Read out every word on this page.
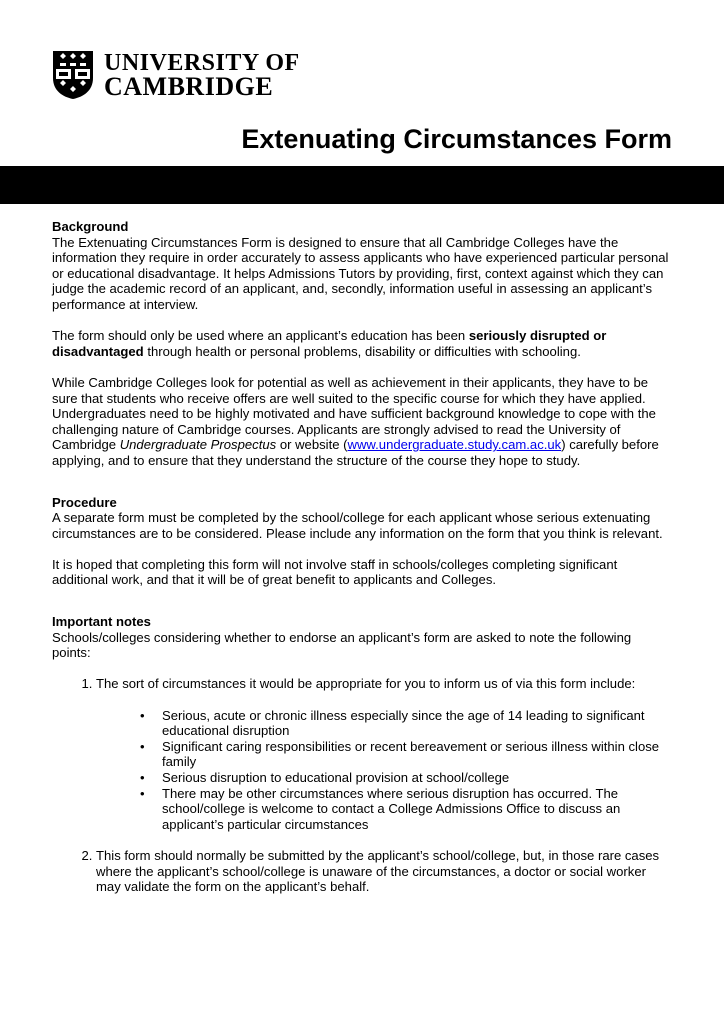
UNIVERSITY OF
CAMBRIDGE
Extenuating Circumstances Form
Background

The Extenuating Circumstances Form is designed to ensure that all Cambridge Colleges have the information they require in order accurately to assess applicants who have experienced particular personal or educational disadvantage. It helps Admissions Tutors by providing, first, context against which they can judge the academic record of an applicant, and, secondly, information useful in assessing an applicant’s performance at interview.

The form should only be used where an applicant’s education has been seriously disrupted or disadvantaged through health or personal problems, disability or difficulties with schooling.

While Cambridge Colleges look for potential as well as achievement in their applicants, they have to be sure that students who receive offers are well suited to the specific course for which they have applied. Undergraduates need to be highly motivated and have sufficient background knowledge to cope with the challenging nature of Cambridge courses. Applicants are strongly advised to read the University of Cambridge Undergraduate Prospectus or website (www.undergraduate.study.cam.ac.uk) carefully before applying, and to ensure that they understand the structure of the course they hope to study.

Procedure

A separate form must be completed by the school/college for each applicant whose serious extenuating circumstances are to be considered. Please include any information on the form that you think is relevant.

It is hoped that completing this form will not involve staff in schools/colleges completing significant additional work, and that it will be of great benefit to applicants and Colleges.

Important notes

Schools/colleges considering whether to endorse an applicant’s form are asked to note the following points:

1. The sort of circumstances it would be appropriate for you to inform us of via this form include:
• Serious, acute or chronic illness especially since the age of 14 leading to significant educational disruption
• Significant caring responsibilities or recent bereavement or serious illness within close family
• Serious disruption to educational provision at school/college
• There may be other circumstances where serious disruption has occurred. The school/college is welcome to contact a College Admissions Office to discuss an applicant’s particular circumstances
2. This form should normally be submitted by the applicant’s school/college, but, in those rare cases where the applicant’s school/college is unaware of the circumstances, a doctor or social worker may validate the form on the applicant’s behalf.
